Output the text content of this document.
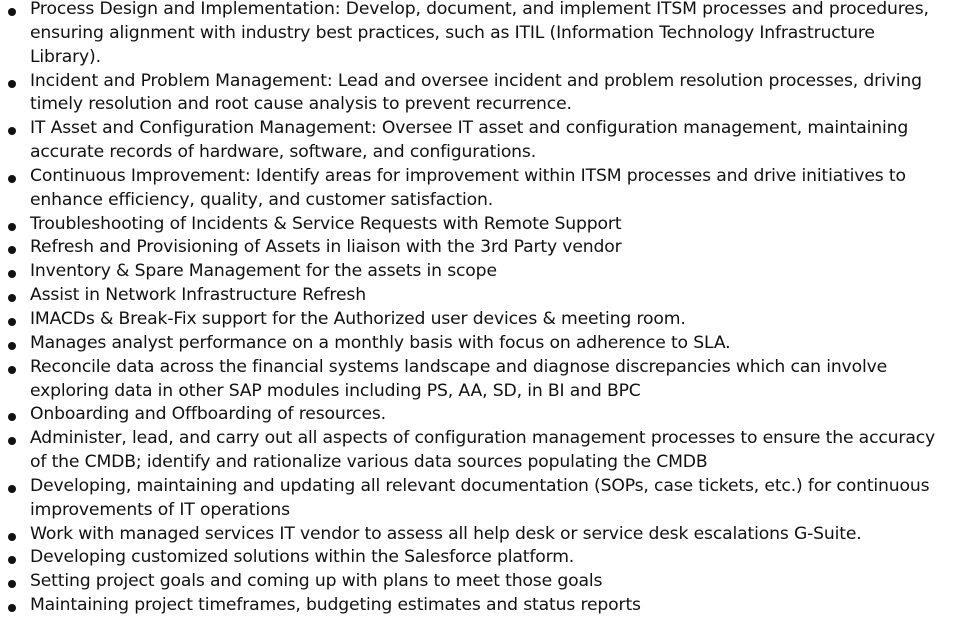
Process Design and Implementation: Develop, document, and implement ITSM processes and procedures, ensuring alignment with industry best practices, such as ITIL (Information Technology Infrastructure Library).
Incident and Problem Management: Lead and oversee incident and problem resolution processes, driving timely resolution and root cause analysis to prevent recurrence.
IT Asset and Configuration Management: Oversee IT asset and configuration management, maintaining accurate records of hardware, software, and configurations.
Continuous Improvement: Identify areas for improvement within ITSM processes and drive initiatives to enhance efficiency, quality, and customer satisfaction.
Troubleshooting of Incidents & Service Requests with Remote Support
Refresh and Provisioning of Assets in liaison with the 3rd Party vendor
Inventory & Spare Management for the assets in scope
Assist in Network Infrastructure Refresh
IMACDs & Break-Fix support for the Authorized user devices & meeting room.
Manages analyst performance on a monthly basis with focus on adherence to SLA.
Reconcile data across the financial systems landscape and diagnose discrepancies which can involve exploring data in other SAP modules including PS, AA, SD, in BI and BPC
Onboarding and Offboarding of resources.
Administer, lead, and carry out all aspects of configuration management processes to ensure the accuracy of the CMDB; identify and rationalize various data sources populating the CMDB
Developing, maintaining and updating all relevant documentation (SOPs, case tickets, etc.) for continuous improvements of IT operations
Work with managed services IT vendor to assess all help desk or service desk escalations G-Suite.
Developing customized solutions within the Salesforce platform.
Setting project goals and coming up with plans to meet those goals
Maintaining project timeframes, budgeting estimates and status reports
